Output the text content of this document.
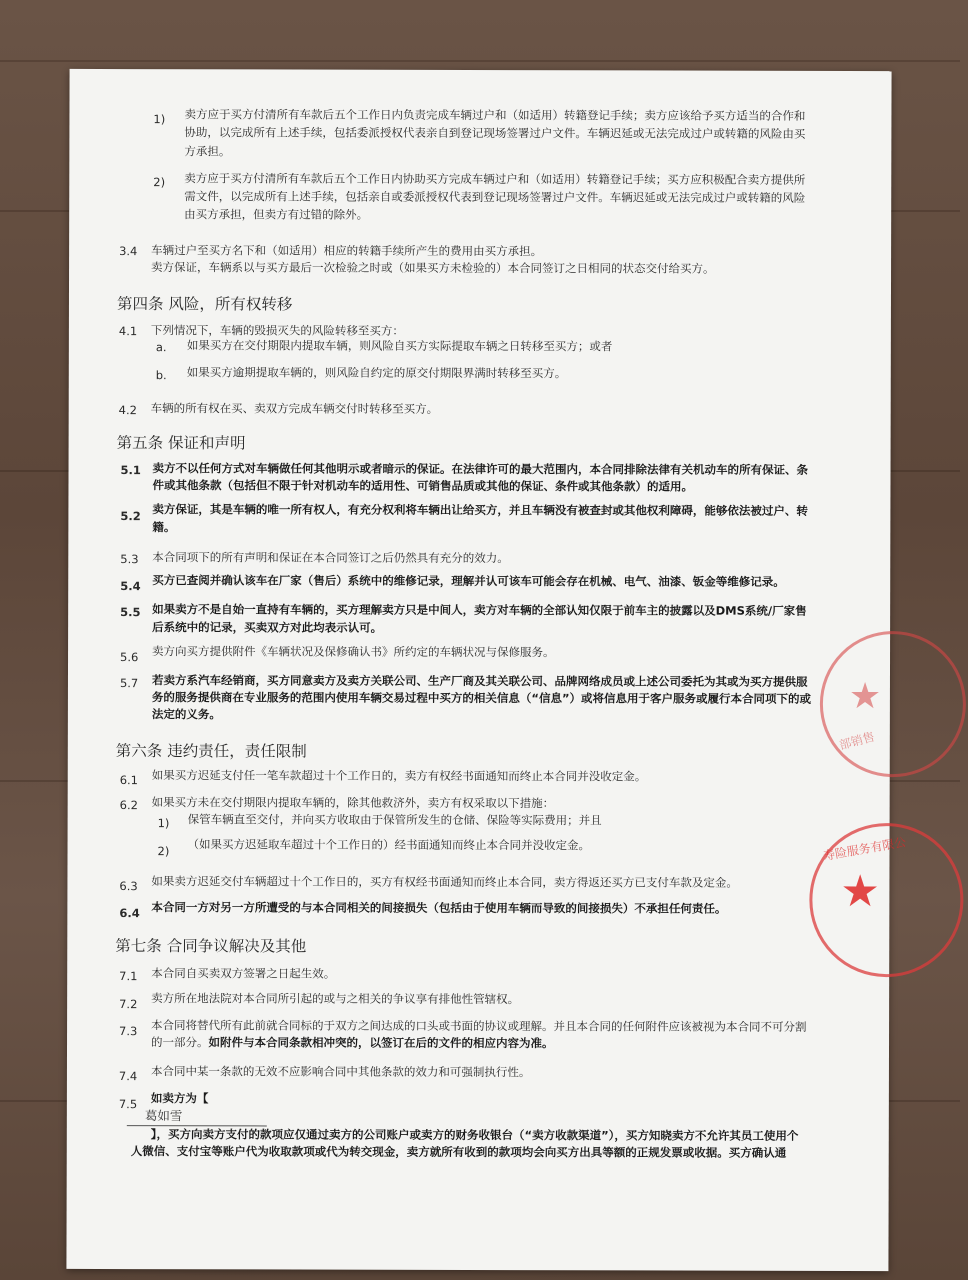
1) 卖方应于买方付清所有车款后五个工作日内负责完成车辆过户和（如适用）转籍登记手续；卖方应该给予买方适当的合作和
协助，以完成所有上述手续，包括委派授权代表亲自到登记现场签署过户文件。车辆迟延或无法完成过户或转籍的风险由买
方承担。
2) 卖方应于买方付清所有车款后五个工作日内协助买方完成车辆过户和（如适用）转籍登记手续；买方应积极配合卖方提供所
需文件，以完成所有上述手续，包括亲自或委派授权代表到登记现场签署过户文件。车辆迟延或无法完成过户或转籍的风险
由买方承担，但卖方有过错的除外。
3.4 车辆过户至买方名下和（如适用）相应的转籍手续所产生的费用由买方承担。
卖方保证，车辆系以与买方最后一次检验之时或（如果买方未检验的）本合同签订之日相同的状态交付给买方。
第四条 风险，所有权转移
4.1 下列情况下，车辆的毁损灭失的风险转移至买方：
a. 如果买方在交付期限内提取车辆，则风险自买方实际提取车辆之日转移至买方；或者
b. 如果买方逾期提取车辆的，则风险自约定的原交付期限界满时转移至买方。
4.2 车辆的所有权在买、卖双方完成车辆交付时转移至买方。
第五条 保证和声明
5.1 卖方不以任何方式对车辆做任何其他明示或者暗示的保证。在法律许可的最大范围内，本合同排除法律有关机动车的所有保证、条
件或其他条款（包括但不限于针对机动车的适用性、可销售品质或其他的保证、条件或其他条款）的适用。
5.2 卖方保证，其是车辆的唯一所有权人，有充分权利将车辆出让给买方，并且车辆没有被查封或其他权利障碍，能够依法被过户、转
籍。
5.3 本合同项下的所有声明和保证在本合同签订之后仍然具有充分的效力。
5.4 买方已查阅并确认该车在厂家（售后）系统中的维修记录，理解并认可该车可能会存在机械、电气、油漆、钣金等维修记录。
5.5 如果卖方不是自始一直持有车辆的，买方理解卖方只是中间人，卖方对车辆的全部认知仅限于前车主的披露以及DMS系统/厂家售
后系统中的记录，买卖双方对此均表示认可。
5.6 卖方向买方提供附件《车辆状况及保修确认书》所约定的车辆状况与保修服务。
5.7 若卖方系汽车经销商，买方同意卖方及卖方关联公司、生产厂商及其关联公司、品牌网络成员或上述公司委托为其或为买方提供服
务的服务提供商在专业服务的范围内使用车辆交易过程中买方的相关信息（“信息”）或将信息用于客户服务或履行本合同项下的或
法定的义务。
第六条 违约责任，责任限制
6.1 如果买方迟延支付任一笔车款超过十个工作日的，卖方有权经书面通知而终止本合同并没收定金。
6.2 如果买方未在交付期限内提取车辆的，除其他救济外，卖方有权采取以下措施：
1) 保管车辆直至交付，并向买方收取由于保管所发生的仓储、保险等实际费用；并且
2) （如果买方迟延取车超过十个工作日的）经书面通知而终止本合同并没收定金。
6.3 如果卖方迟延交付车辆超过十个工作日的，买方有权经书面通知而终止本合同，卖方得返还买方已支付车款及定金。
6.4 本合同一方对另一方所遭受的与本合同相关的间接损失（包括由于使用车辆而导致的间接损失）不承担任何责任。
第七条 合同争议解决及其他
7.1 本合同自买卖双方签署之日起生效。
7.2 卖方所在地法院对本合同所引起的或与之相关的争议享有排他性管辖权。
7.3 本合同将替代所有此前就合同标的于双方之间达成的口头或书面的协议或理解。并且本合同的任何附件应该被视为本合同不可分割
的一部分。如附件与本合同条款相冲突的，以签订在后的文件的相应内容为准。
7.4 本合同中某一条款的无效不应影响合同中其他条款的效力和可强制执行性。
7.5 如卖方为【
葛如雪
】，买方向卖方支付的款项应仅通过卖方的公司账户或卖方的财务收银台（“卖方收款渠道”），买方知晓卖方不允许其员工使用个
人微信、支付宝等账户代为收取款项或代为转交现金，卖方就所有收到的款项均会向买方出具等额的正规发票或收据。买方确认通
★
部销售
★
寿险服务有限公
